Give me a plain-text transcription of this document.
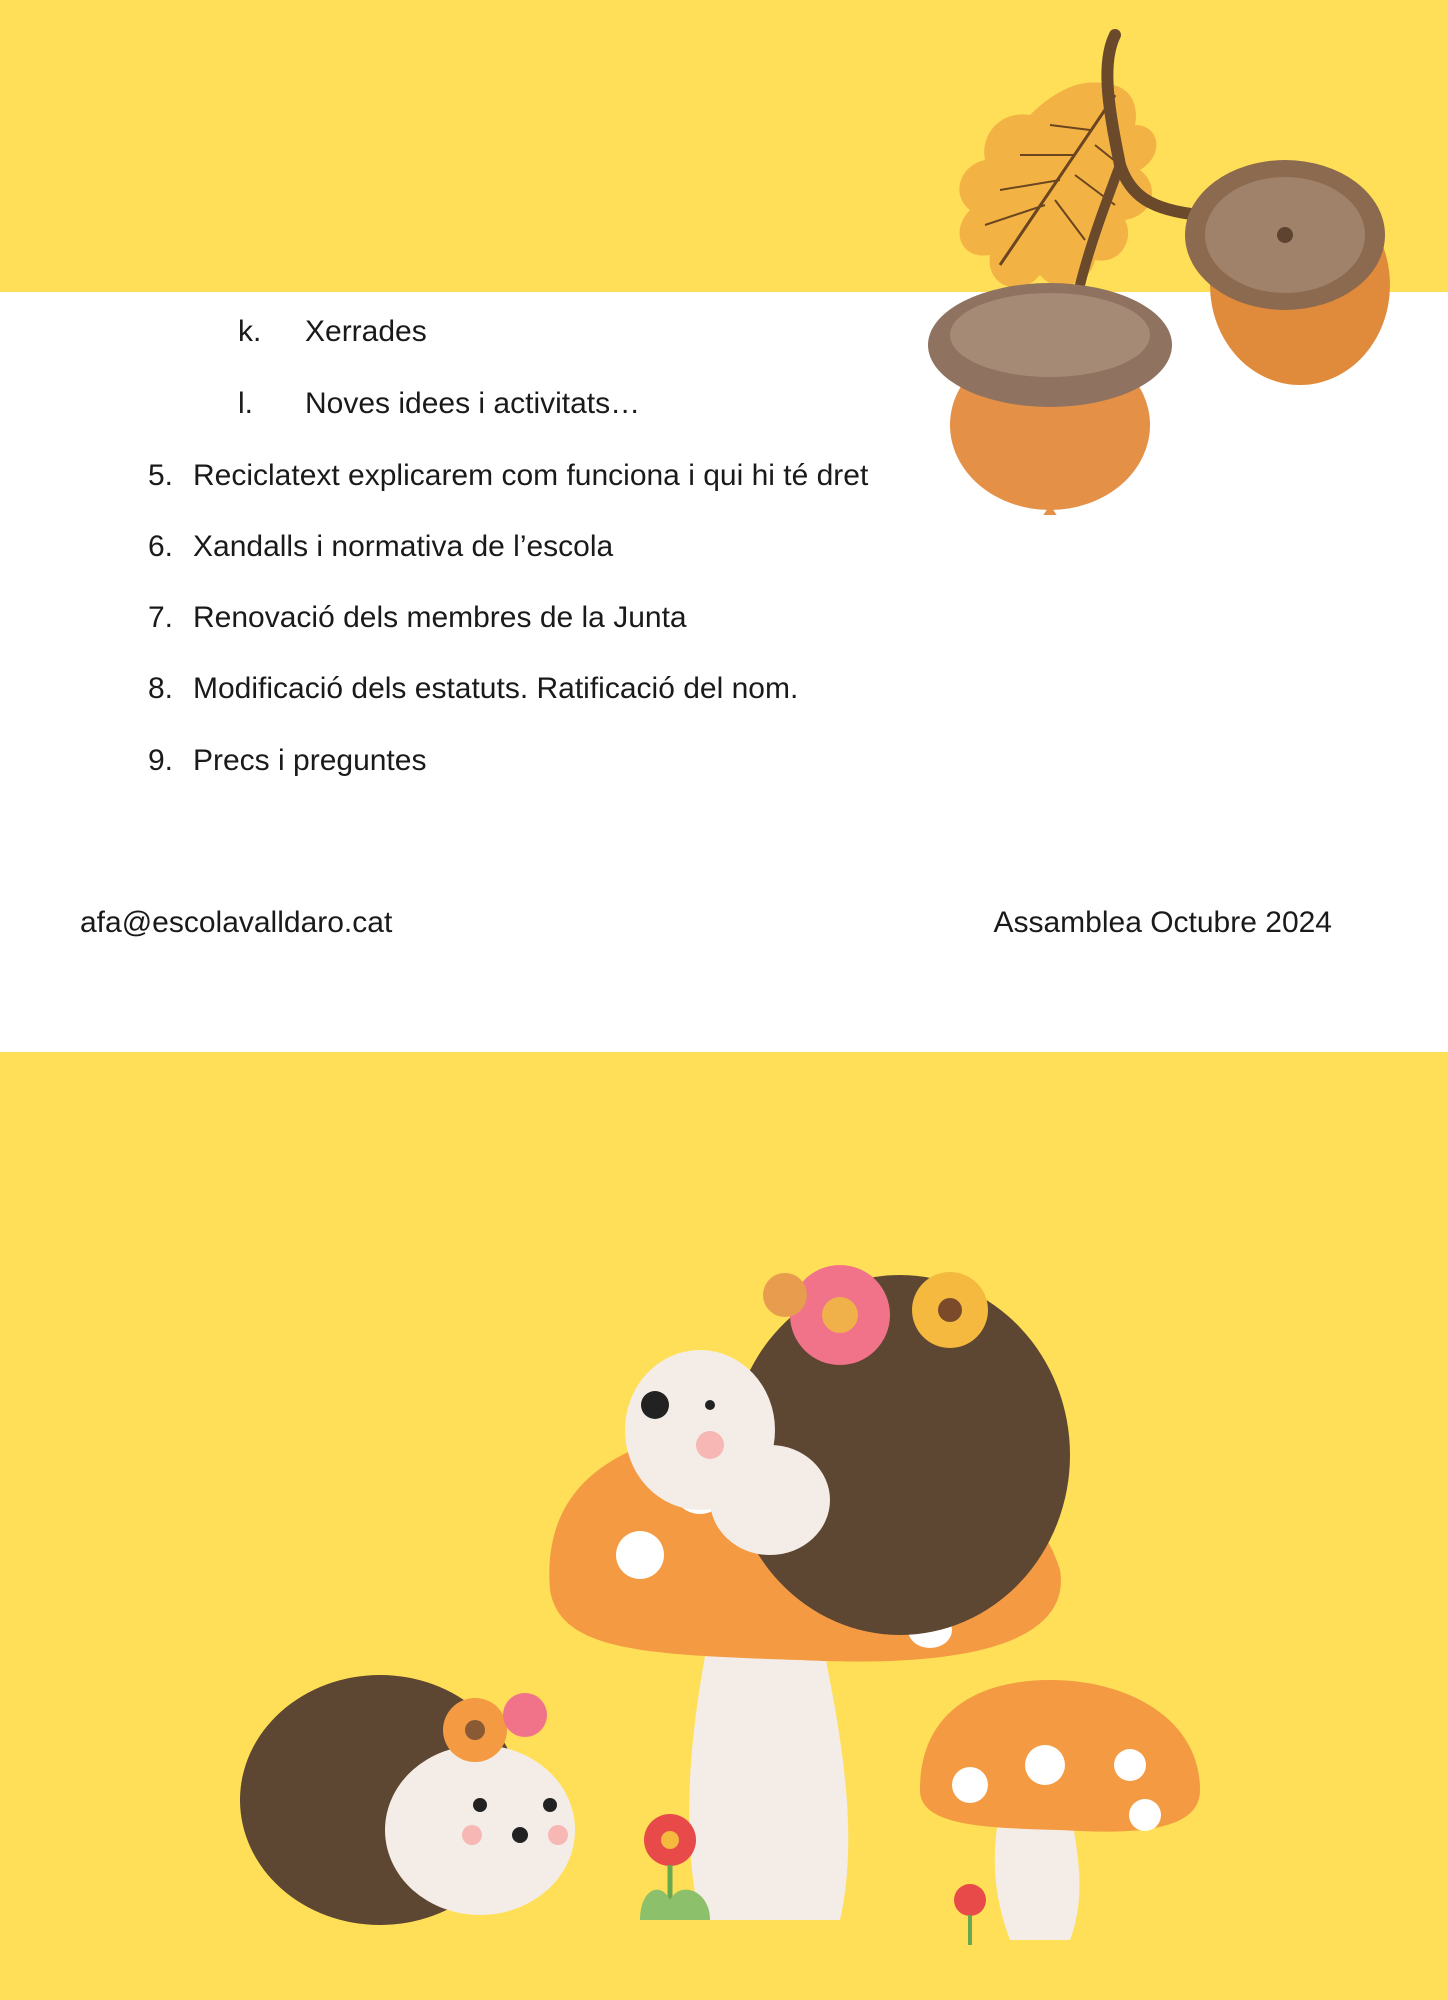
k. Xerrades
l. Noves idees i activitats…
5. Reciclatext explicarem com funciona i qui hi té dret
6. Xandalls i normativa de l’escola
7. Renovació dels membres de la Junta
8. Modificació dels estatuts. Ratificació del nom.
9. Precs i preguntes
afa@escolavalldaro.cat	Assamblea Octubre 2024
